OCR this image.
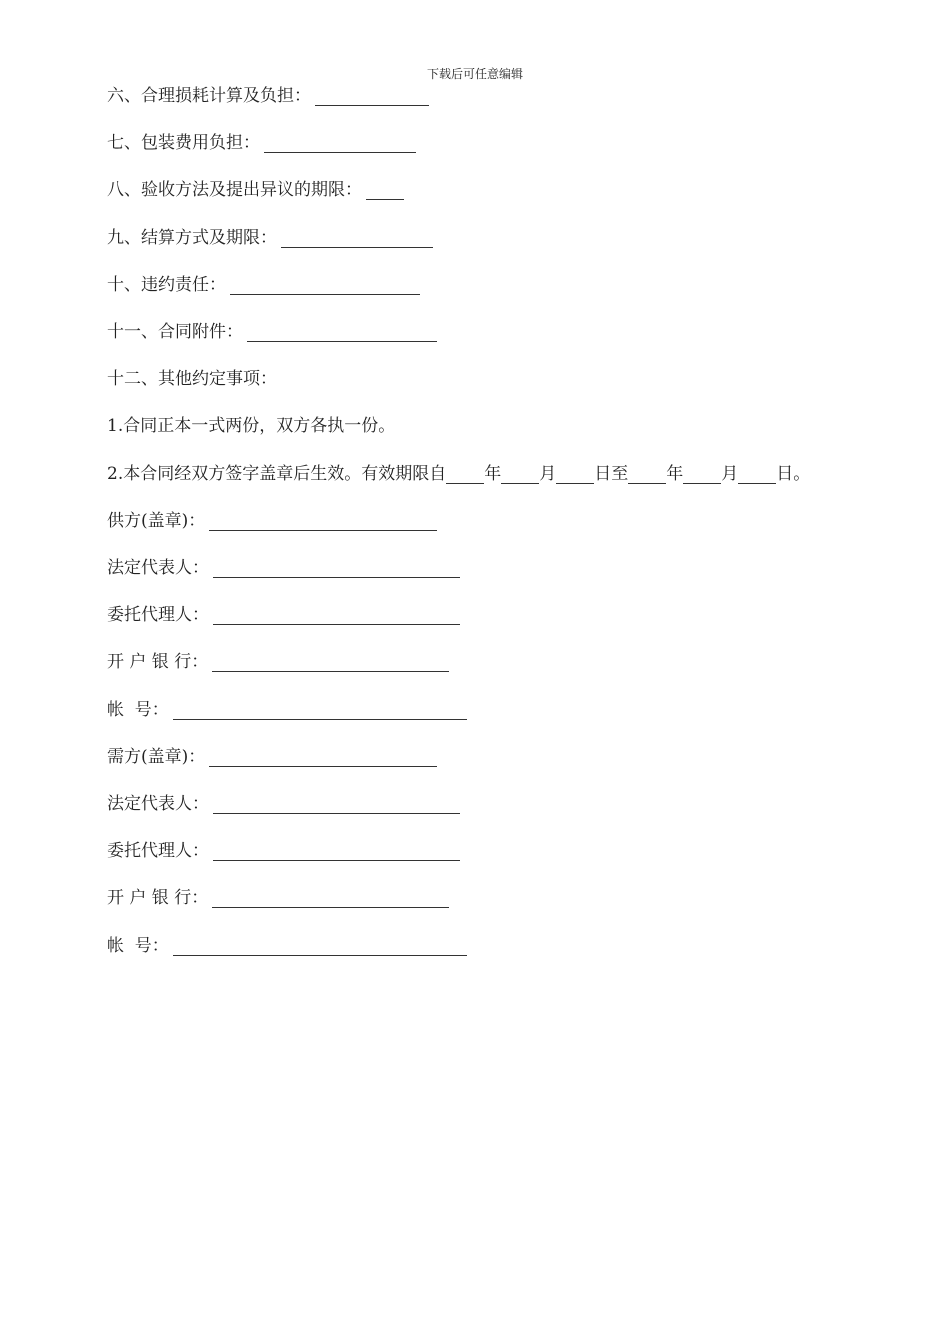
下载后可任意编辑
六、合理损耗计算及负担：
七、包装费用负担：
八、验收方法及提出异议的期限：
九、结算方式及期限：
十、违约责任：
十一、合同附件：
十二、其他约定事项：
1.合同正本一式两份，双方各执一份。
2.本合同经双方签字盖章后生效。有效期限自 年 月 日至 年 月 日。
供方(盖章)：
法定代表人：
委托代理人：
开 户 银 行：
帐  号：
需方(盖章)：
法定代表人：
委托代理人：
开 户 银 行：
帐  号：
